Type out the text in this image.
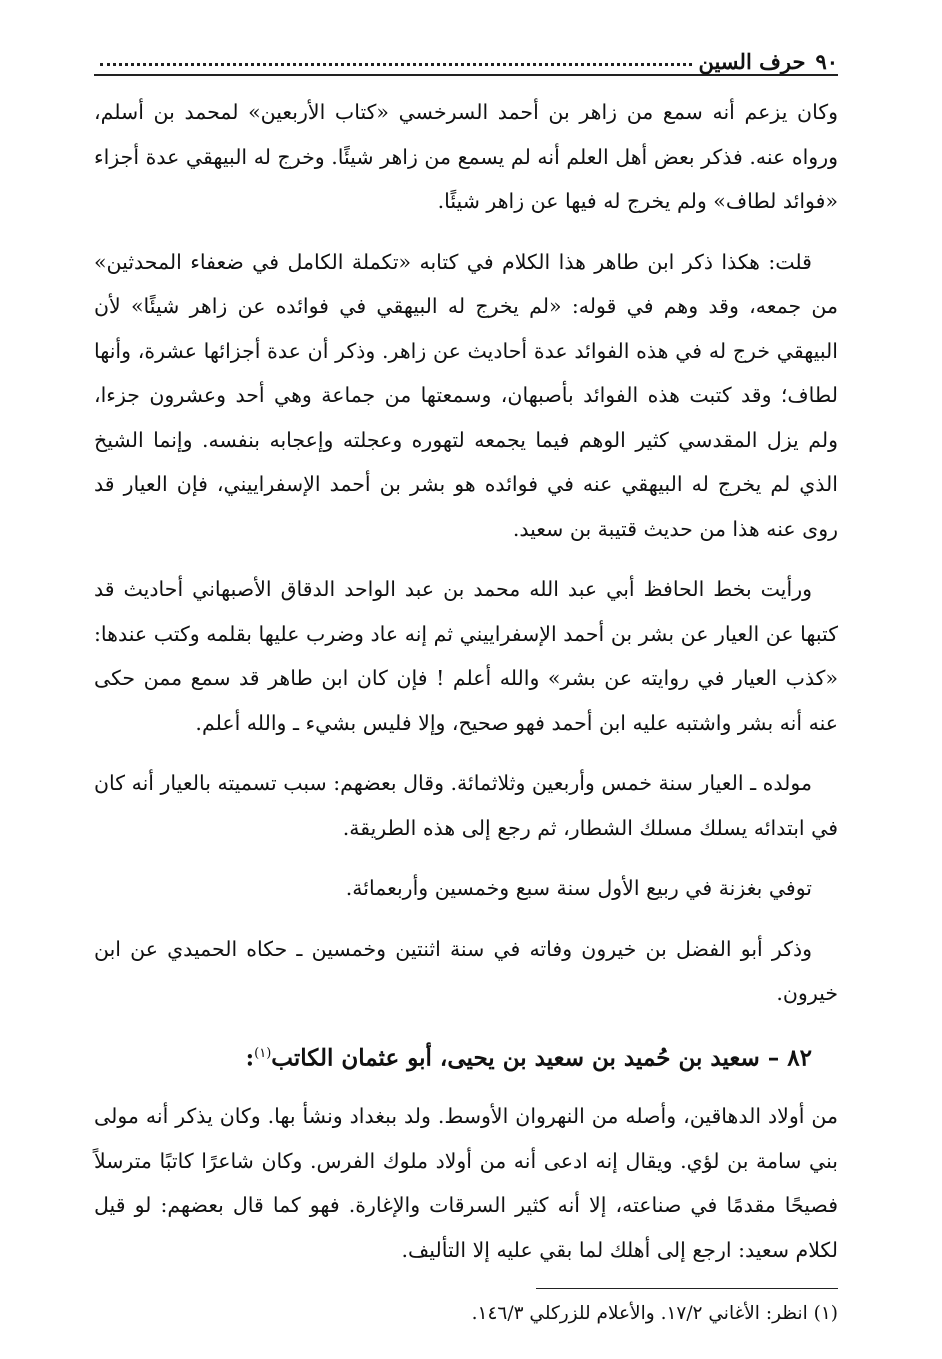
٩٠
حرف السين

وكان يزعم أنه سمع من زاهر بن أحمد السرخسي «كتاب الأربعين» لمحمد بن أسلم، ورواه عنه. فذكر بعض أهل العلم أنه لم يسمع من زاهر شيئًا. وخرج له البيهقي عدة أجزاء «فوائد لطاف» ولم يخرج له فيها عن زاهر شيئًا.

قلت: هكذا ذكر ابن طاهر هذا الكلام في كتابه «تكملة الكامل في ضعفاء المحدثين» من جمعه، وقد وهم في قوله: «لم يخرج له البيهقي في فوائده عن زاهر شيئًا» لأن البيهقي خرج له في هذه الفوائد عدة أحاديث عن زاهر. وذكر أن عدة أجزائها عشرة، وأنها لطاف؛ وقد كتبت هذه الفوائد بأصبهان، وسمعتها من جماعة وهي أحد وعشرون جزءا، ولم يزل المقدسي كثير الوهم فيما يجمعه لتهوره وعجلته وإعجابه بنفسه. وإنما الشيخ الذي لم يخرج له البيهقي عنه في فوائده هو بشر بن أحمد الإسفراييني، فإن العيار قد روى عنه هذا من حديث قتيبة بن سعيد.

ورأيت بخط الحافظ أبي عبد الله محمد بن عبد الواحد الدقاق الأصبهاني أحاديث قد كتبها عن العيار عن بشر بن أحمد الإسفراييني ثم إنه عاد وضرب عليها بقلمه وكتب عندها: «كذب العيار في روايته عن بشر» والله أعلم ! فإن كان ابن طاهر قد سمع ممن حكى عنه أنه بشر واشتبه عليه ابن أحمد فهو صحيح، وإلا فليس بشيء ـ والله أعلم.

مولده ـ العيار سنة خمس وأربعين وثلاثمائة. وقال بعضهم: سبب تسميته بالعيار أنه كان في ابتدائه يسلك مسلك الشطار، ثم رجع إلى هذه الطريقة.

توفي بغزنة في ربيع الأول سنة سبع وخمسين وأربعمائة.

وذكر أبو الفضل بن خيرون وفاته في سنة اثنتين وخمسين ـ حكاه الحميدي عن ابن خيرون.

٨٢ – سعيد بن حُميد بن سعيد بن يحيى، أبو عثمان الكاتب$^{(١)}$:

من أولاد الدهاقين، وأصله من النهروان الأوسط. ولد ببغداد ونشأ بها. وكان يذكر أنه مولى بني سامة بن لؤي. ويقال إنه ادعى أنه من أولاد ملوك الفرس. وكان شاعرًا كاتبًا مترسلاً فصيحًا مقدمًا في صناعته، إلا أنه كثير السرقات والإغارة. فهو كما قال بعضهم: لو قيل لكلام سعيد: ارجع إلى أهلك لما بقي عليه إلا التأليف.

(١) انظر: الأغاني ١٧/٢. والأعلام للزركلي ١٤٦/٣.
